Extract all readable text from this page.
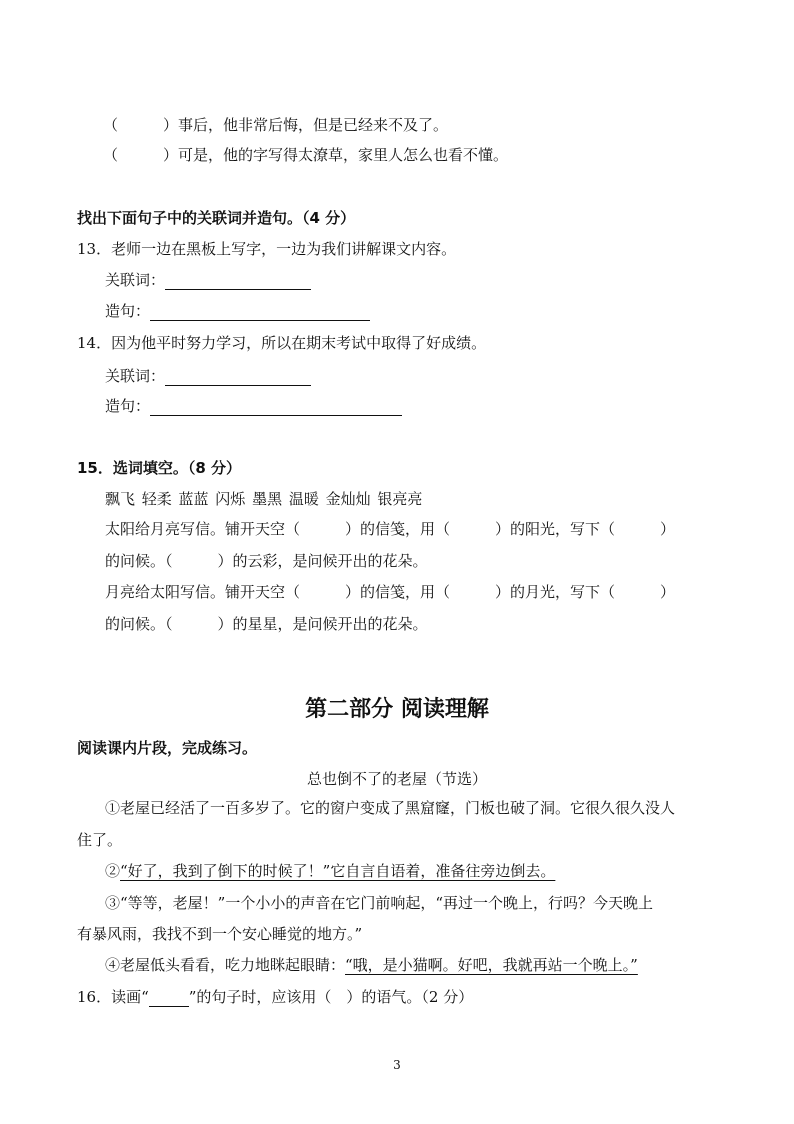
（　　　）事后，他非常后悔，但是已经来不及了。
（　　　）可是，他的字写得太潦草，家里人怎么也看不懂。
找出下面句子中的关联词并造句。（4 分）
13．老师一边在黑板上写字，一边为我们讲解课文内容。
关联词：
造句：
14．因为他平时努力学习，所以在期末考试中取得了好成绩。
关联词：
造句：
15．选词填空。（8 分）
飘飞 轻柔 蓝蓝 闪烁 墨黑 温暖 金灿灿 银亮亮
太阳给月亮写信。铺开天空（　　　）的信笺，用（　　　）的阳光，写下（　　　）
的问候。（　　　）的云彩，是问候开出的花朵。
月亮给太阳写信。铺开天空（　　　）的信笺，用（　　　）的月光，写下（　　　）
的问候。（　　　）的星星，是问候开出的花朵。
第二部分 阅读理解
阅读课内片段，完成练习。
总也倒不了的老屋（节选）
①老屋已经活了一百多岁了。它的窗户变成了黑窟窿，门板也破了洞。它很久很久没人
住了。
②“好了，我到了倒下的时候了！”它自言自语着，准备往旁边倒去。
③“等等，老屋！”一个小小的声音在它门前响起，“再过一个晚上，行吗？今天晚上
有暴风雨，我找不到一个安心睡觉的地方。”
④老屋低头看看，吃力地眯起眼睛：“哦，是小猫啊。好吧，我就再站一个晚上。”
16．读画“	”的句子时，应该用（　）的语气。（2 分）
3
